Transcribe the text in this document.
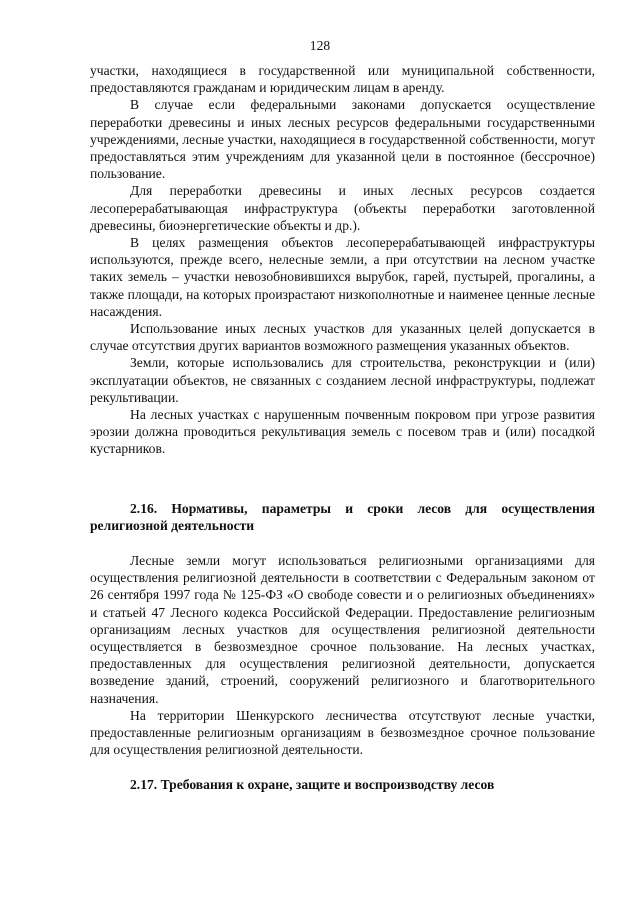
128

участки, находящиеся в государственной или муниципальной собственности, предоставляются гражданам и юридическим лицам в аренду.

В случае если федеральными законами допускается осуществление переработки древесины и иных лесных ресурсов федеральными государственными учреждениями, лесные участки, находящиеся в государственной собственности, могут предоставляться этим учреждениям для указанной цели в постоянное (бессрочное) пользование.

Для переработки древесины и иных лесных ресурсов создается лесоперерабатывающая инфраструктура (объекты переработки заготовленной древесины, биоэнергетические объекты и др.).

В целях размещения объектов лесоперерабатывающей инфраструктуры используются, прежде всего, нелесные земли, а при отсутствии на лесном участке таких земель – участки невозобновившихся вырубок, гарей, пустырей, прогалины, а также площади, на которых произрастают низкополнотные и наименее ценные лесные насаждения.

Использование иных лесных участков для указанных целей допускается в случае отсутствия других вариантов возможного размещения указанных объектов.

Земли, которые использовались для строительства, реконструкции и (или) эксплуатации объектов, не связанных с созданием лесной инфраструктуры, подлежат рекультивации.

На лесных участках с нарушенным почвенным покровом при угрозе развития эрозии должна проводиться рекультивация земель с посевом трав и (или) посадкой кустарников.

2.16. Нормативы, параметры и сроки лесов для осуществления религиозной деятельности

Лесные земли могут использоваться религиозными организациями для осуществления религиозной деятельности в соответствии с Федеральным законом от 26 сентября 1997 года № 125-ФЗ «О свободе совести и о религиозных объединениях» и статьей 47 Лесного кодекса Российской Федерации. Предоставление религиозным организациям лесных участков для осуществления религиозной деятельности осуществляется в безвозмездное срочное пользование. На лесных участках, предоставленных для осуществления религиозной деятельности, допускается возведение зданий, строений, сооружений религиозного и благотворительного назначения.

На территории Шенкурского лесничества отсутствуют лесные участки, предоставленные религиозным организациям в безвозмездное срочное пользование для осуществления религиозной деятельности.

2.17. Требования к охране, защите и воспроизводству лесов
